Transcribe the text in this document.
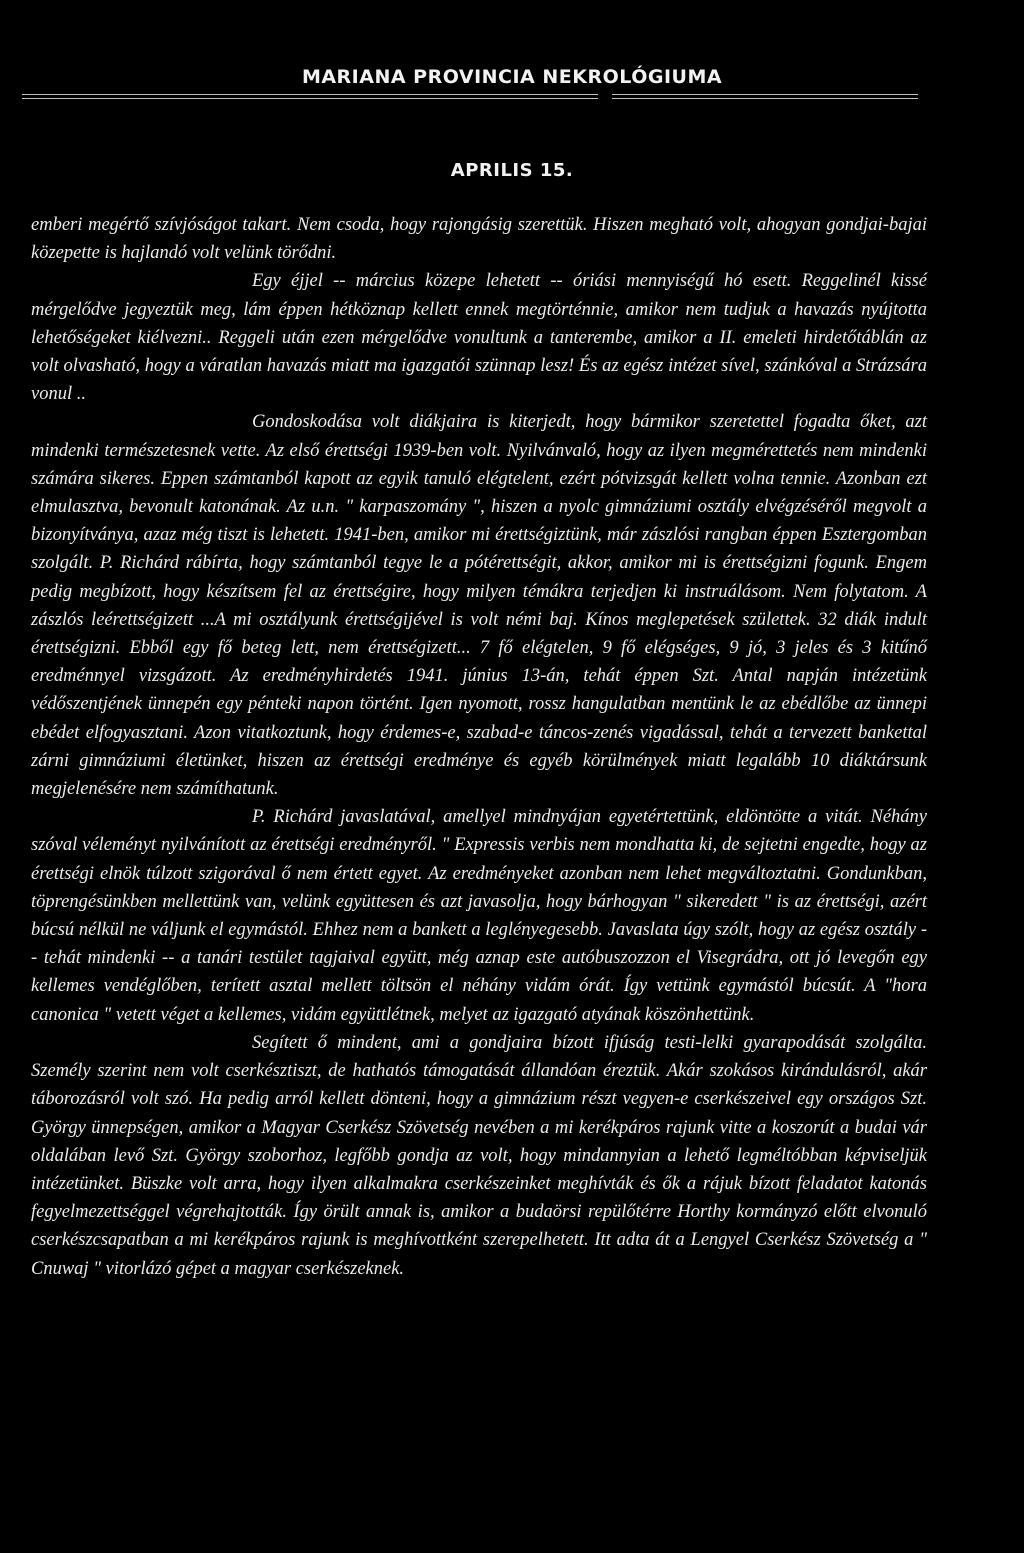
MARIANA PROVINCIA NEKROLÓGIUMA
APRILIS 15.

emberi megértő szívjóságot takart. Nem csoda, hogy rajongásig szerettük. Hiszen megható volt, ahogyan gondjai-bajai közepette is hajlandó volt velünk törődni.

Egy éjjel -- március közepe lehetett -- óriási mennyiségű hó esett. Reggelinél kissé mérgelődve jegyeztük meg, lám éppen hétköznap kellett ennek megtörténnie, amikor nem tudjuk a havazás nyújtotta lehetőségeket kiélvezni.. Reggeli után ezen mérgelődve vonultunk a tanterembe, amikor a II. emeleti hirdetőtáblán az volt olvasható, hogy a váratlan havazás miatt ma igazgatói szünnap lesz! És az egész intézet sível, szánkóval a Strázsára vonul ..

Gondoskodása volt diákjaira is kiterjedt, hogy bármikor szeretettel fogadta őket, azt mindenki természetesnek vette. Az első érettségi 1939-ben volt. Nyilvánvaló, hogy az ilyen megmérettetés nem mindenki számára sikeres. Eppen számtanból kapott az egyik tanuló elégtelent, ezért pótvizsgát kellett volna tennie. Azonban ezt elmulasztva, bevonult katonának. Az u.n. " karpaszomány ", hiszen a nyolc gimnáziumi osztály elvégzéséről megvolt a bizonyítványa, azaz még tiszt is lehetett. 1941-ben, amikor mi érettségiztünk, már zászlósi rangban éppen Esztergomban szolgált. P. Richárd rábírta, hogy számtanból tegye le a pótérettségit, akkor, amikor mi is érettségizni fogunk. Engem pedig megbízott, hogy készítsem fel az érettségire, hogy milyen témákra terjedjen ki instruálásom. Nem folytatom. A zászlós leérettségizett ...A mi osztályunk érettségijével is volt némi baj. Kínos meglepetések születtek. 32 diák indult érettségizni. Ebből egy fő beteg lett, nem érettségizett... 7 fő elégtelen, 9 fő elégséges, 9 jó, 3 jeles és 3 kitűnő eredménnyel vizsgázott. Az eredményhirdetés 1941. június 13-án, tehát éppen Szt. Antal napján intézetünk védőszentjének ünnepén egy pénteki napon történt. Igen nyomott, rossz hangulatban mentünk le az ebédlőbe az ünnepi ebédet elfogyasztani. Azon vitatkoztunk, hogy érdemes-e, szabad-e táncos-zenés vigadással, tehát a tervezett bankettal zárni gimnáziumi életünket, hiszen az érettségi eredménye és egyéb körülmények miatt legalább 10 diáktársunk megjelenésére nem számíthatunk.

P. Richárd javaslatával, amellyel mindnyájan egyetértettünk, eldöntötte a vitát. Néhány szóval véleményt nyilvánított az érettségi eredményről. " Expressis verbis nem mondhatta ki, de sejtetni engedte, hogy az érettségi elnök túlzott szigorával ő nem értett egyet. Az eredményeket azonban nem lehet megváltoztatni. Gondunkban, töprengésünkben mellettünk van, velünk együttesen és azt javasolja, hogy bárhogyan " sikeredett " is az érettségi, azért búcsú nélkül ne váljunk el egymástól. Ehhez nem a bankett a leglényegesebb. Javaslata úgy szólt, hogy az egész osztály -- tehát mindenki -- a tanári testület tagjaival együtt, még aznap este autóbuszozzon el Visegrádra, ott jó levegőn egy kellemes vendéglőben, terített asztal mellett töltsön el néhány vidám órát. Így vettünk egymástól búcsút. A "hora canonica " vetett véget a kellemes, vidám együttlétnek, melyet az igazgató atyának köszönhettünk.

Segített ő mindent, ami a gondjaira bízott ifjúság testi-lelki gyarapodását szolgálta. Személy szerint nem volt cserkésztiszt, de hathatós támogatását állandóan éreztük. Akár szokásos kirándulásról, akár táborozásról volt szó. Ha pedig arról kellett dönteni, hogy a gimnázium részt vegyen-e cserkészeivel egy országos Szt. György ünnepségen, amikor a Magyar Cserkész Szövetség nevében a mi kerékpáros rajunk vitte a koszorút a budai vár oldalában levő Szt. György szoborhoz, legfőbb gondja az volt, hogy mindannyian a lehető legméltóbban képviseljük intézetünket. Büszke volt arra, hogy ilyen alkalmakra cserkészeinket meghívták és ők a rájuk bízott feladatot katonás fegyelmezettséggel végrehajtották. Így örült annak is, amikor a budaörsi repülőtérre Horthy kormányzó előtt elvonuló cserkészcsapatban a mi kerékpáros rajunk is meghívottként szerepelhetett. Itt adta át a Lengyel Cserkész Szövetség a " Cnuwaj " vitorlázó gépet a magyar cserkészeknek.
